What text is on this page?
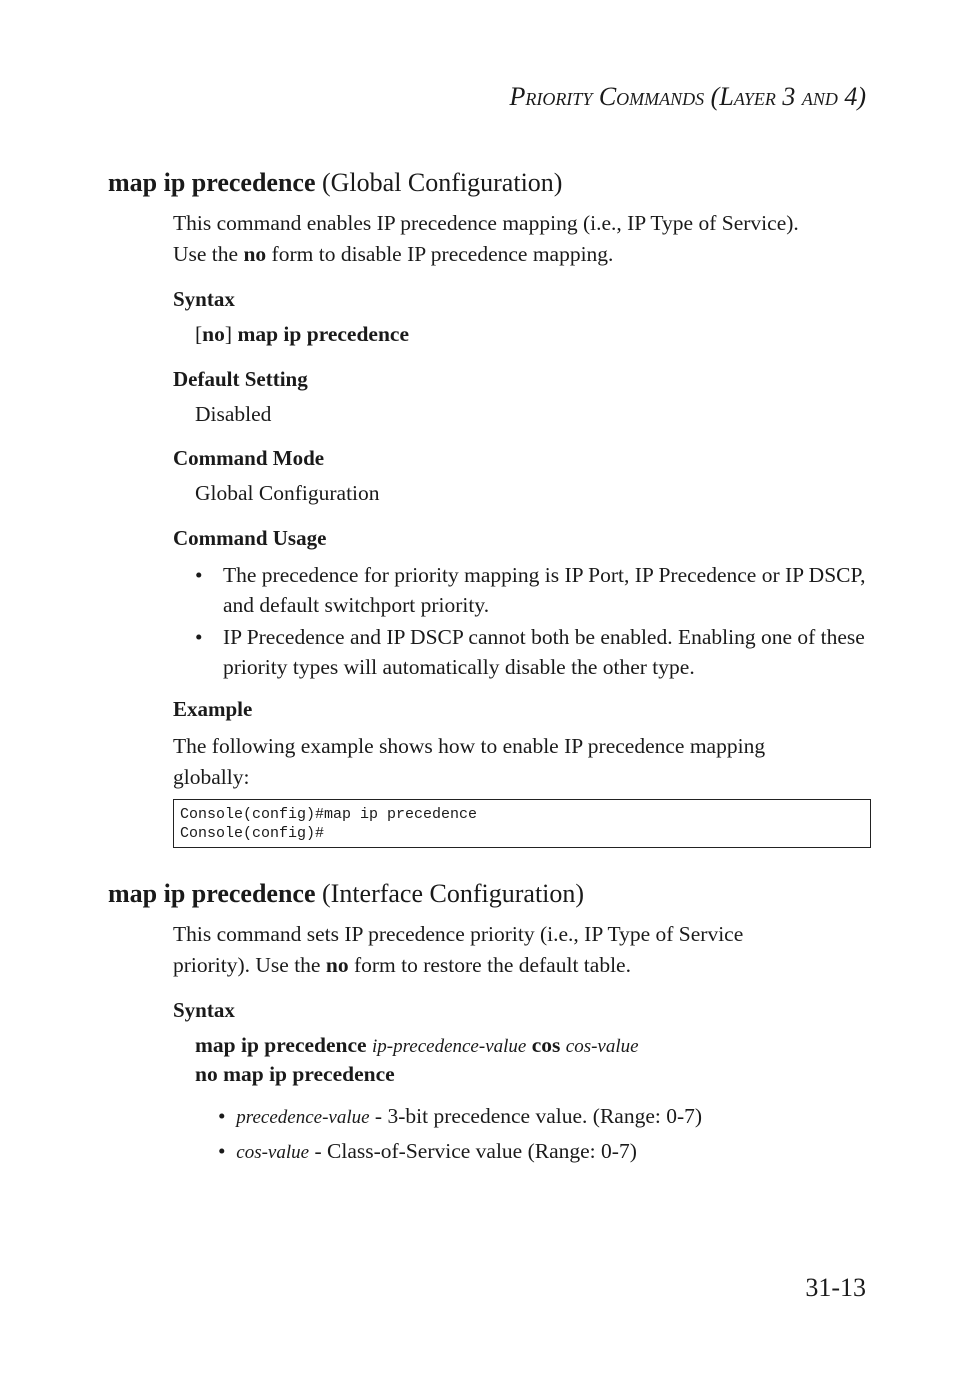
Priority Commands (Layer 3 and 4)
map ip precedence (Global Configuration)
This command enables IP precedence mapping (i.e., IP Type of Service).
Use the no form to disable IP precedence mapping.
Syntax
[no] map ip precedence
Default Setting
Disabled
Command Mode
Global Configuration
Command Usage
• The precedence for priority mapping is IP Port, IP Precedence or IP DSCP, and default switchport priority.
• IP Precedence and IP DSCP cannot both be enabled. Enabling one of these priority types will automatically disable the other type.
Example
The following example shows how to enable IP precedence mapping globally:
Console(config)#map ip precedence
Console(config)#
map ip precedence (Interface Configuration)
This command sets IP precedence priority (i.e., IP Type of Service
priority). Use the no form to restore the default table.
Syntax
map ip precedence ip-precedence-value cos cos-value
no map ip precedence
• precedence-value - 3-bit precedence value. (Range: 0-7)
• cos-value - Class-of-Service value (Range: 0-7)
31-13
